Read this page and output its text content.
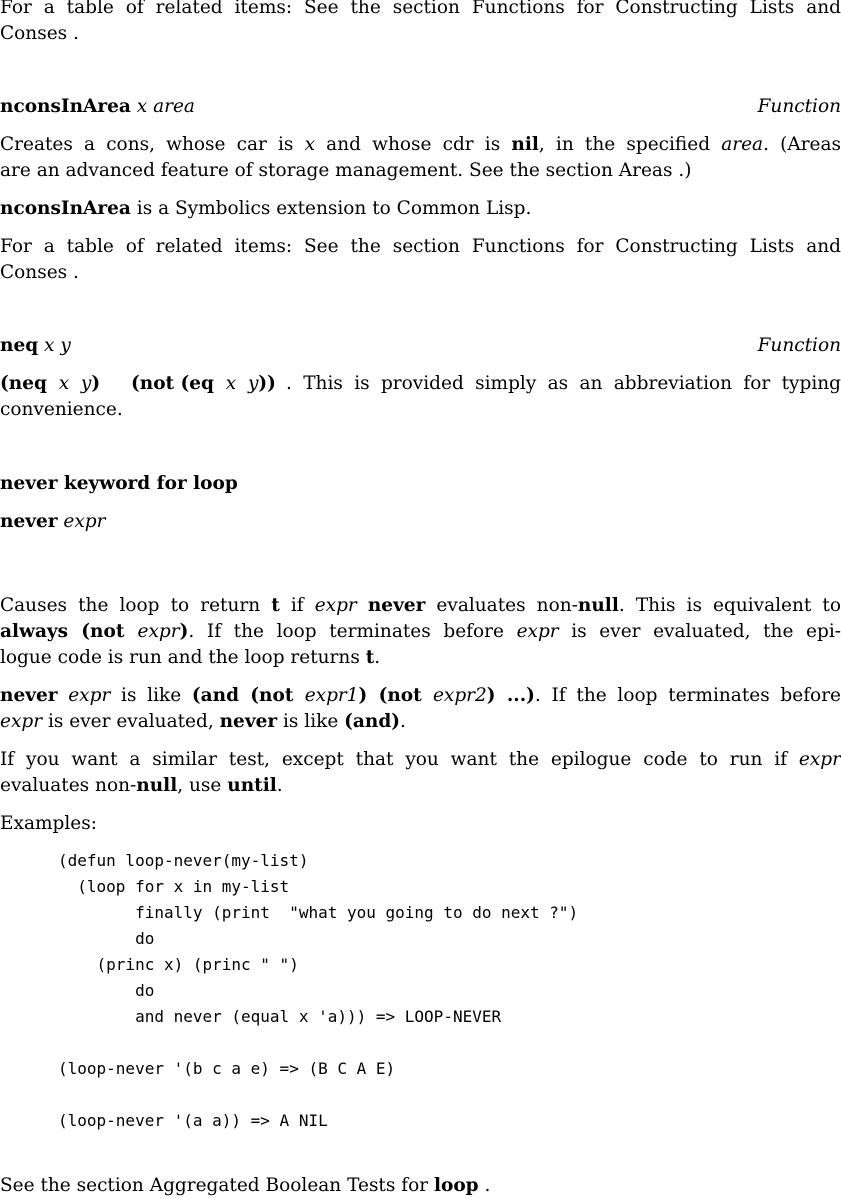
For a table of related items: See the section Functions for Constructing Lists and
Conses .
nconsInArea x area	Function
Creates a cons, whose car is x and whose cdr is nil, in the specified area. (Areas
are an advanced feature of storage management. See the section Areas .)
nconsInArea is a Symbolics extension to Common Lisp.
For a table of related items: See the section Functions for Constructing Lists and
Conses .
neq x y	Function
(neq x y) (not (eq x y)) . This is provided simply as an abbreviation for typing
convenience.
never keyword for loop
never expr
Causes the loop to return t if expr never evaluates non-null. This is equivalent to
always (not expr). If the loop terminates before expr is ever evaluated, the epi-
logue code is run and the loop returns t.
never expr is like (and (not expr1) (not expr2) ...). If the loop terminates before
expr is ever evaluated, never is like (and).
If you want a similar test, except that you want the epilogue code to run if expr
evaluates non-null, use until.
Examples:
(defun loop-never(my-list)
(loop for x in my-list
finally (print  "what you going to do next ?")
do
(princ x) (princ " ")
do
and never (equal x 'a))) => LOOP-NEVER

(loop-never '(b c a e) => (B C A E)

(loop-never '(a a)) => A NIL
See the section Aggregated Boolean Tests for loop .
